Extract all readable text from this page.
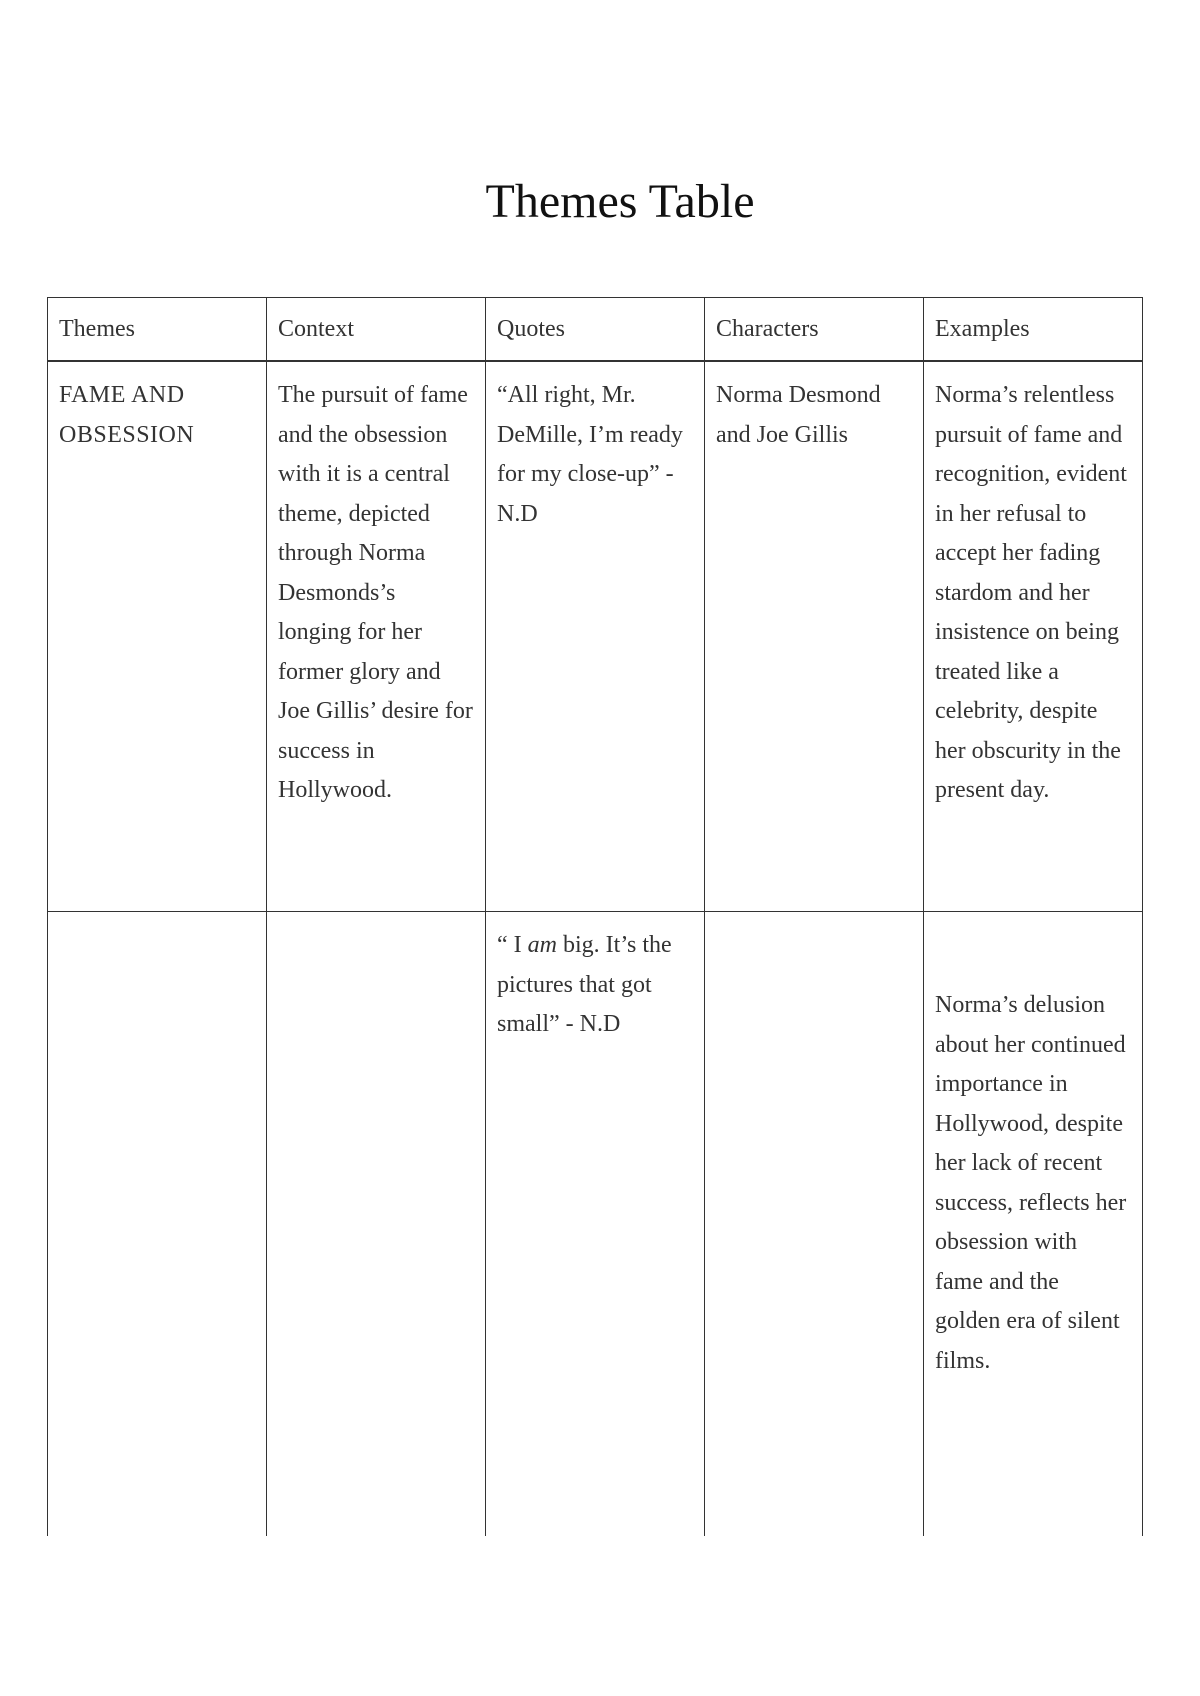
Themes Table
Themes	Context	Quotes	Characters	Examples
FAME AND OBSESSION	The pursuit of fame and the obsession with it is a central theme, depicted through Norma Desmonds’s longing for her former glory and Joe Gillis’ desire for success in Hollywood.	“All right, Mr. DeMille, I’m ready for my close-up” - N.D	Norma Desmond and Joe Gillis	Norma’s relentless pursuit of fame and recognition, evident in her refusal to accept her fading stardom and her insistence on being treated like a celebrity, despite her obscurity in the present day.
		“ I am big. It’s the pictures that got small” - N.D		Norma’s delusion about her continued importance in Hollywood, despite her lack of recent success, reflects her obsession with fame and the golden era of silent films.
